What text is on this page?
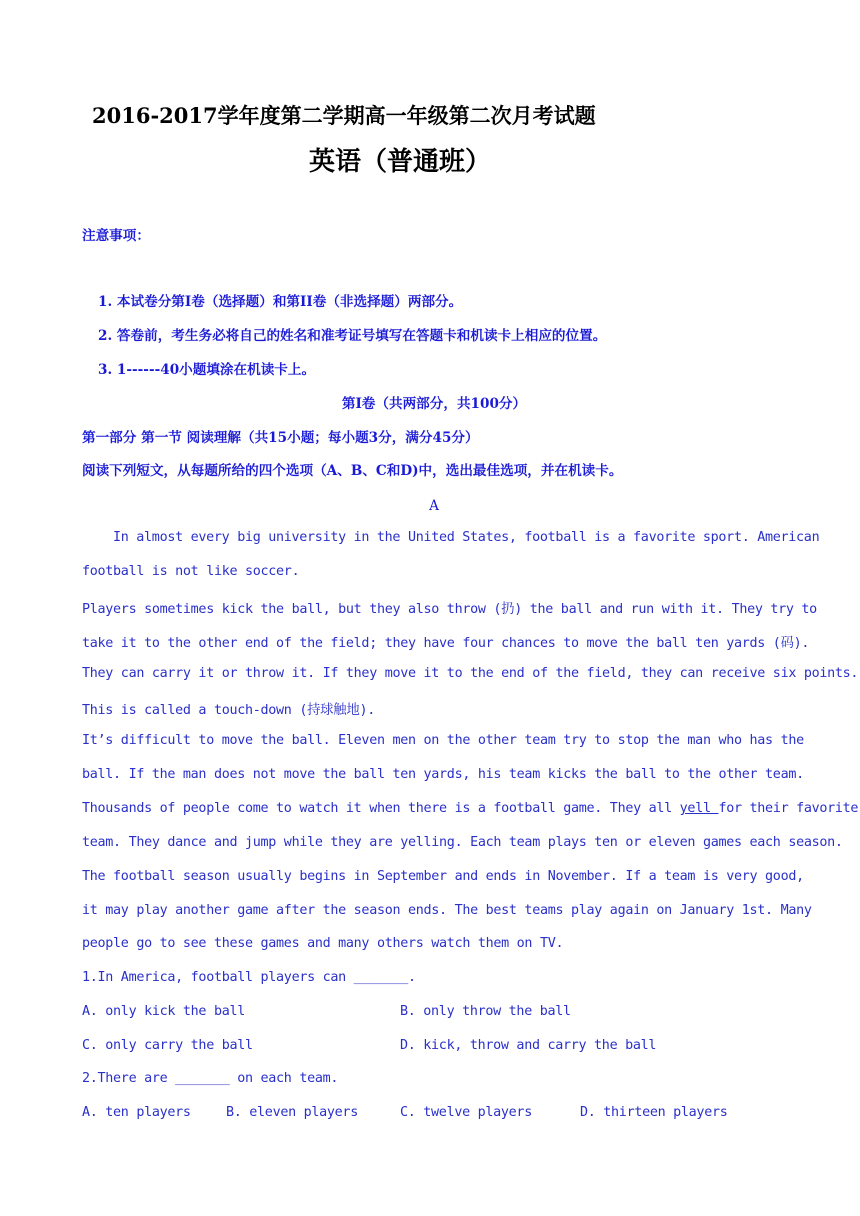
2016-2017学年度第二学期高一年级第二次月考试题
英语（普通班）
注意事项：
1. 本试卷分第Ⅰ卷（选择题）和第II卷（非选择题）两部分。
2. 答卷前，考生务必将自己的姓名和准考证号填写在答题卡和机读卡上相应的位置。
3. 1------40小题填涂在机读卡上。
第Ⅰ卷（共两部分，共100分）
第一部分 第一节 阅读理解（共15小题；每小题3分，满分45分）
阅读下列短文，从每题所给的四个选项（A、B、C和D)中，选出最佳选项，并在机读卡。
A
In almost every big university in the United States, football is a favorite sport. American
football is not like soccer.
Players sometimes kick the ball, but they also throw (扔) the ball and run with it. They try to
take it to the other end of the field; they have four chances to move the ball ten yards (码).
They can carry it or throw it. If they move it to the end of the field, they can receive six points.
This is called a touch-down (持球触地).
It’s difficult to move the ball. Eleven men on the other team try to stop the man who has the
ball. If the man does not move the ball ten yards, his team kicks the ball to the other team.
Thousands of people come to watch it when there is a football game. They all yell for their favorite
team. They dance and jump while they are yelling. Each team plays ten or eleven games each season.
The football season usually begins in September and ends in November. If a team is very good,
it may play another game after the season ends. The best teams play again on January 1st. Many
people go to see these games and many others watch them on TV.
1.In America, football players can _______.
A. only kick the ball	B. only throw the ball
C. only carry the ball	D. kick, throw and carry the ball
2.There are _______ on each team.
A. ten players	B. eleven players	C. twelve players	D. thirteen players
